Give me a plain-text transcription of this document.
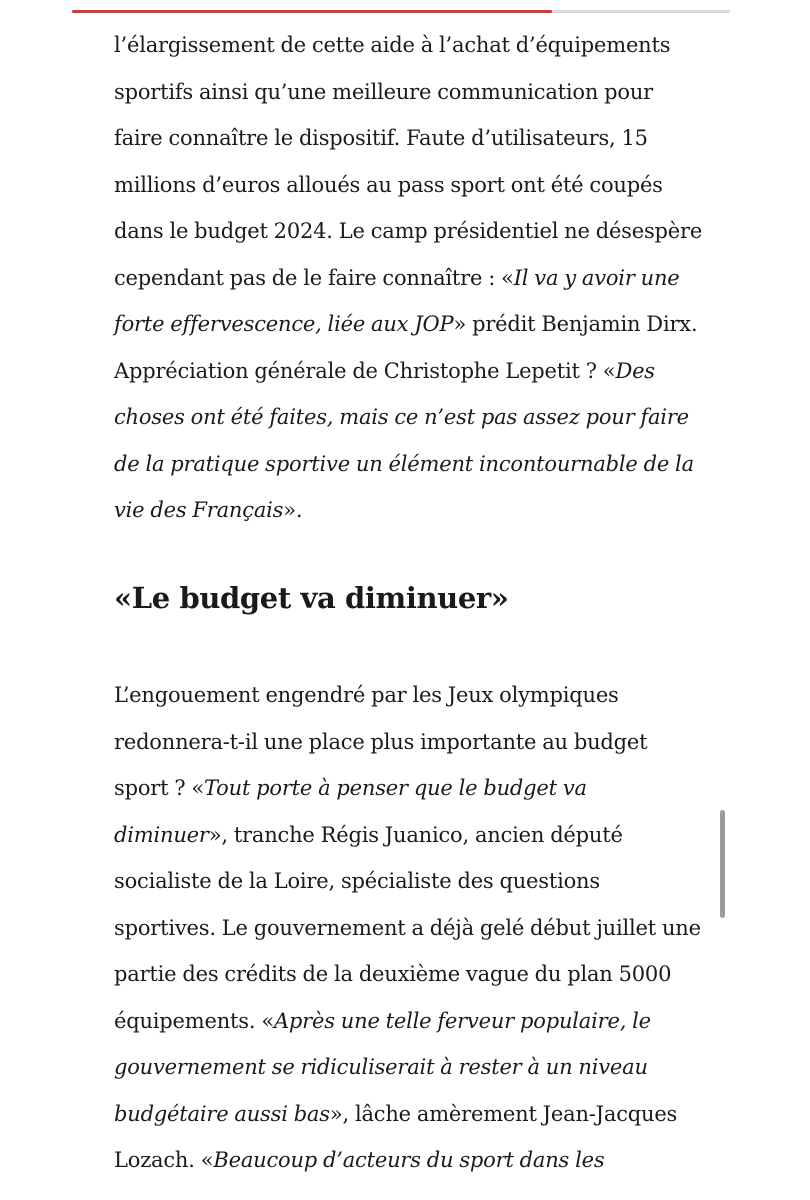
l’élargissement de cette aide à l’achat d’équipements sportifs ainsi qu’une meilleure communication pour faire connaître le dispositif. Faute d’utilisateurs, 15 millions d’euros alloués au pass sport ont été coupés dans le budget 2024. Le camp présidentiel ne désespère cependant pas de le faire connaître : «Il va y avoir une forte effervescence, liée aux JOP» prédit Benjamin Dirx. Appréciation générale de Christophe Lepetit ? «Des choses ont été faites, mais ce n’est pas assez pour faire de la pratique sportive un élément incontournable de la vie des Français».

«Le budget va diminuer»

L’engouement engendré par les Jeux olympiques redonnera-t-il une place plus importante au budget sport ? «Tout porte à penser que le budget va diminuer», tranche Régis Juanico, ancien député socialiste de la Loire, spécialiste des questions sportives. Le gouvernement a déjà gelé début juillet une partie des crédits de la deuxième vague du plan 5000 équipements. «Après une telle ferveur populaire, le gouvernement se ridiculiserait à rester à un niveau budgétaire aussi bas», lâche amèrement Jean-Jacques Lozach. «Beaucoup d’acteurs du sport dans les
